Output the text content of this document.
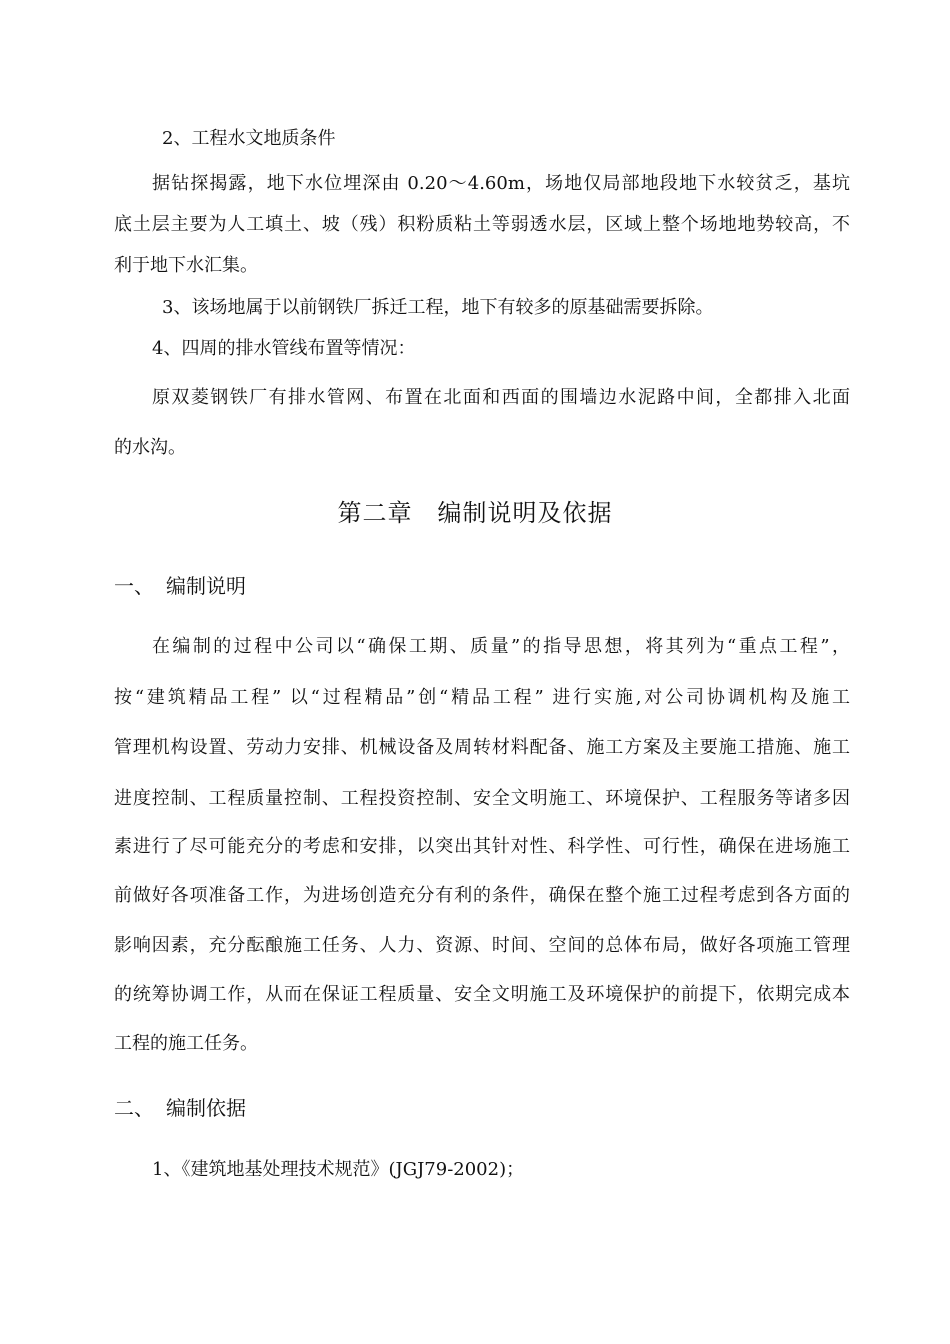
2、工程水文地质条件

据钻探揭露，地下水位埋深由 0.20～4.60m，场地仅局部地段地下水较贫乏，基坑

底土层主要为人工填土、坡（残）积粉质粘土等弱透水层，区域上整个场地地势较高，不

利于地下水汇集。

3、该场地属于以前钢铁厂拆迁工程，地下有较多的原基础需要拆除。

4、四周的排水管线布置等情况：

原双菱钢铁厂有排水管网、布置在北面和西面的围墙边水泥路中间，全都排入北面

的水沟。

第二章　编制说明及依据
一、 编制说明

在编制的过程中公司以“确保工期、质量”的指导思想，将其列为“重点工程”，

按“建筑精品工程” 以“过程精品”创“精品工程” 进行实施,对公司协调机构及施工

管理机构设置、劳动力安排、机械设备及周转材料配备、施工方案及主要施工措施、施工

进度控制、工程质量控制、工程投资控制、安全文明施工、环境保护、工程服务等诸多因

素进行了尽可能充分的考虑和安排，以突出其针对性、科学性、可行性，确保在进场施工

前做好各项准备工作，为进场创造充分有利的条件，确保在整个施工过程考虑到各方面的

影响因素，充分酝酿施工任务、人力、资源、时间、空间的总体布局，做好各项施工管理

的统筹协调工作，从而在保证工程质量、安全文明施工及环境保护的前提下，依期完成本

工程的施工任务。

二、 编制依据

1、《建筑地基处理技术规范》(JGJ79-2002)；
